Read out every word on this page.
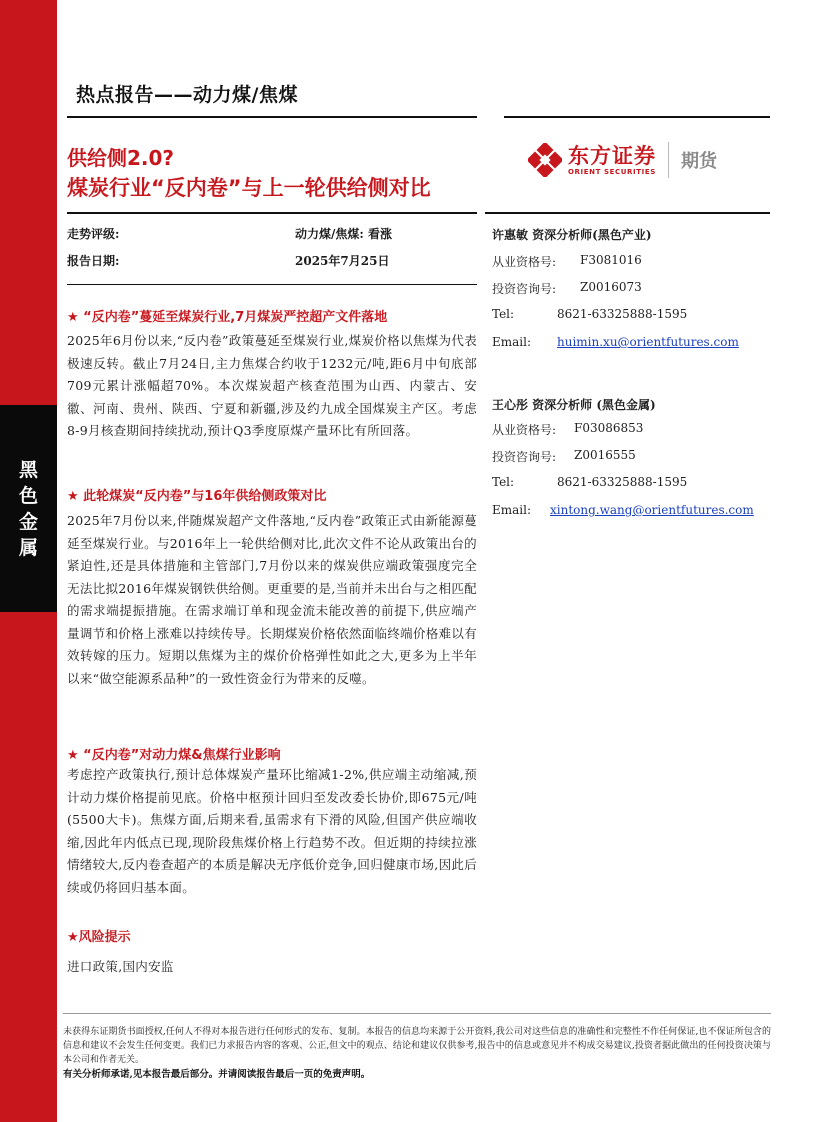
黑
色
金
属
热点报告——动力煤/焦煤
供给侧2.0?
煤炭行业“反内卷”与上一轮供给侧对比
东方证券
ORIENT SECURITIES 期货
走势评级:	动力煤/焦煤: 看涨
报告日期:	2025年7月25日
★ “反内卷”蔓延至煤炭行业,7月煤炭严控超产文件落地

2025年6月份以来,“反内卷”政策蔓延至煤炭行业,煤炭价格以焦煤为代表极速反转。截止7月24日,主力焦煤合约收于1232元/吨,距6月中旬底部709元累计涨幅超70%。本次煤炭超产核查范围为山西、内蒙古、安徽、河南、贵州、陕西、宁夏和新疆,涉及约九成全国煤炭主产区。考虑8-9月核查期间持续扰动,预计Q3季度原煤产量环比有所回落。

★ 此轮煤炭“反内卷”与16年供给侧政策对比

2025年7月份以来,伴随煤炭超产文件落地,“反内卷”政策正式由新能源蔓延至煤炭行业。与2016年上一轮供给侧对比,此次文件不论从政策出台的紧迫性,还是具体措施和主管部门,7月份以来的煤炭供应端政策强度完全无法比拟2016年煤炭钢铁供给侧。更重要的是,当前并未出台与之相匹配的需求端提振措施。在需求端订单和现金流未能改善的前提下,供应端产量调节和价格上涨难以持续传导。长期煤炭价格依然面临终端价格难以有效转嫁的压力。短期以焦煤为主的煤价价格弹性如此之大,更多为上半年以来“做空能源系品种”的一致性资金行为带来的反噬。

★ “反内卷”对动力煤&焦煤行业影响

考虑控产政策执行,预计总体煤炭产量环比缩减1-2%,供应端主动缩减,预计动力煤价格提前见底。价格中枢预计回归至发改委长协价,即675元/吨(5500大卡)。焦煤方面,后期来看,虽需求有下滑的风险,但国产供应端收缩,因此年内低点已现,现阶段焦煤价格上行趋势不改。但近期的持续拉涨情绪较大,反内卷查超产的本质是解决无序低价竞争,回归健康市场,因此后续或仍将回归基本面。

★风险提示

进口政策,国内安监

许惠敏 资深分析师(黑色产业)
从业资格号:	F3081016
投资咨询号:	Z0016073
Tel:	8621-63325888-1595
Email:	huimin.xu@orientfutures.com
王心彤 资深分析师 (黑色金属)
从业资格号:	F03086853
投资咨询号:	Z0016555
Tel:	8621-63325888-1595
Email:	xintong.wang@orientfutures.com
未获得东证期货书面授权,任何人不得对本报告进行任何形式的发布、复制。本报告的信息均来源于公开资料,我公司对这些信息的准确性和完整性不作任何保证,也不保证所包含的信息和建议不会发生任何变更。我们已力求报告内容的客观、公正,但文中的观点、结论和建议仅供参考,报告中的信息或意见并不构成交易建议,投资者据此做出的任何投资决策与本公司和作者无关。
有关分析师承诺,见本报告最后部分。并请阅读报告最后一页的免责声明。
